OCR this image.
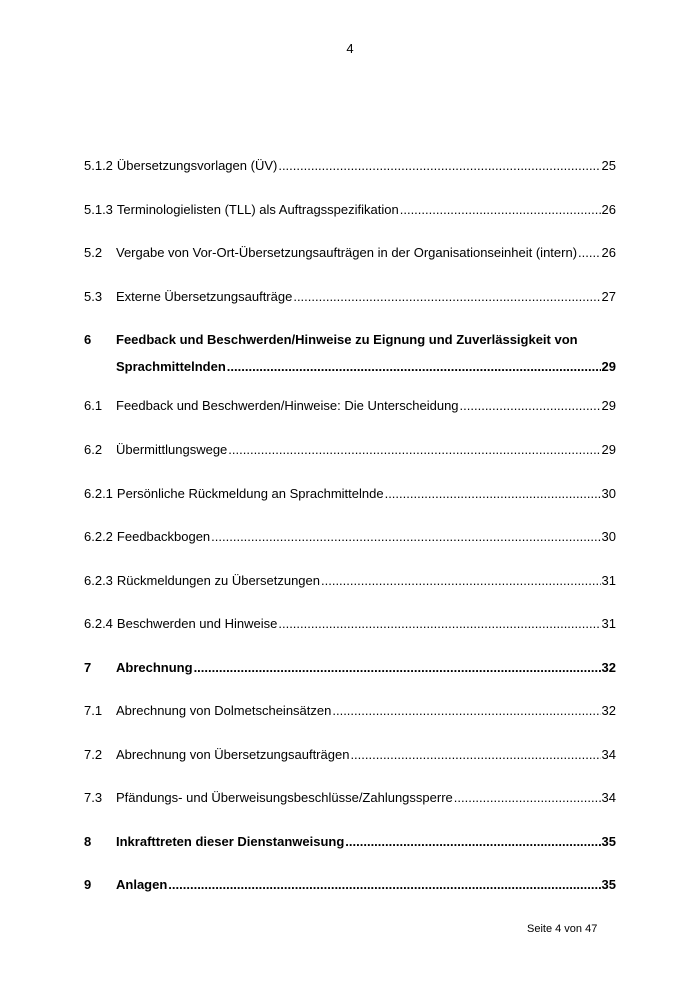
4
5.1.2 Übersetzungsvorlagen (ÜV) .....	25
5.1.3 Terminologielisten (TLL) als Auftragsspezifikation .....	26
5.2	Vergabe von Vor-Ort-Übersetzungsaufträgen in der Organisationseinheit (intern) ..... 26
5.3	Externe Übersetzungsaufträge .....	27
6	Feedback und Beschwerden/Hinweise zu Eignung und Zuverlässigkeit von
Sprachmittelnden .....	29
6.1	Feedback und Beschwerden/Hinweise: Die Unterscheidung .....	29
6.2	Übermittlungswege .....	29
6.2.1 Persönliche Rückmeldung an Sprachmittelnde .....	30
6.2.2 Feedbackbogen .....	30
6.2.3 Rückmeldungen zu Übersetzungen .....	31
6.2.4 Beschwerden und Hinweise .....	31
7	Abrechnung .....	32
7.1	Abrechnung von Dolmetscheinsätzen .....	32
7.2	Abrechnung von Übersetzungsaufträgen .....	34
7.3	Pfändungs- und Überweisungsbeschlüsse/Zahlungssperre .....	34
8	Inkrafttreten dieser Dienstanweisung .....	35
9	Anlagen .....	35
Seite 4 von 47
